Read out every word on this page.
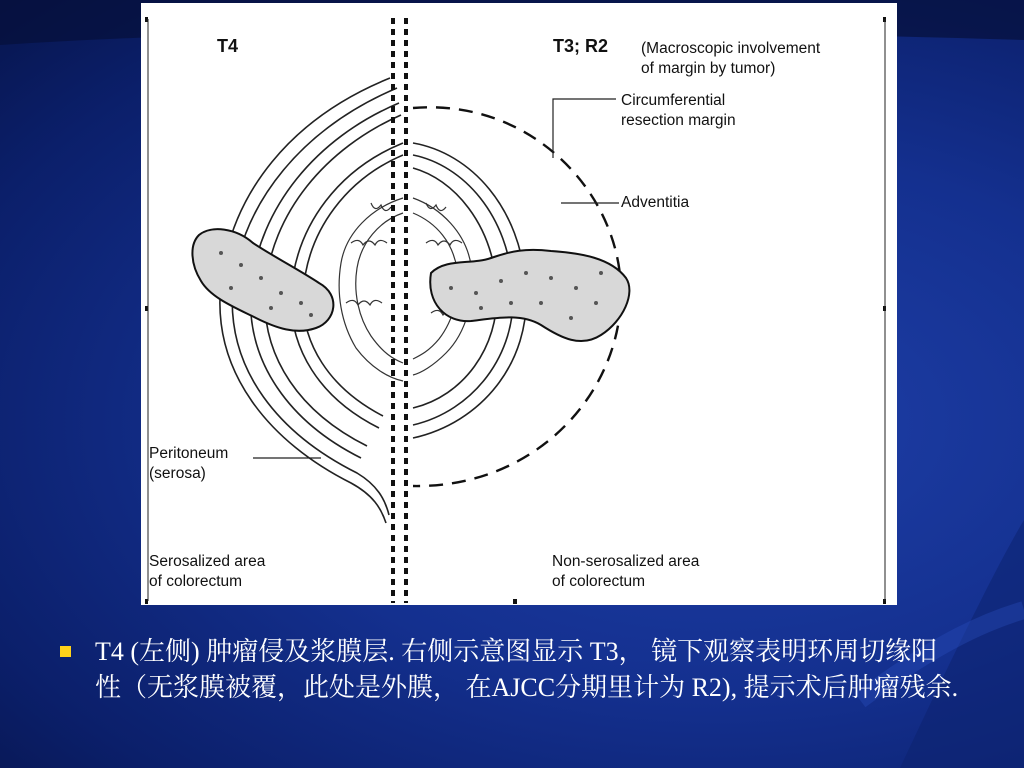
T4	T3; R2 (Macroscopic involvement
of margin by tumor)
Circumferential
resection margin
Adventitia
Peritoneum
(serosa)
Serosalized area
of colorectum
Non-serosalized area
of colorectum
T4 (左侧) 肿瘤侵及浆膜层. 右侧示意图显示 T3， 镜下观察表明环周切缘阳性（无浆膜被覆，此处是外膜， 在AJCC分期里计为 R2), 提示术后肿瘤残余.
